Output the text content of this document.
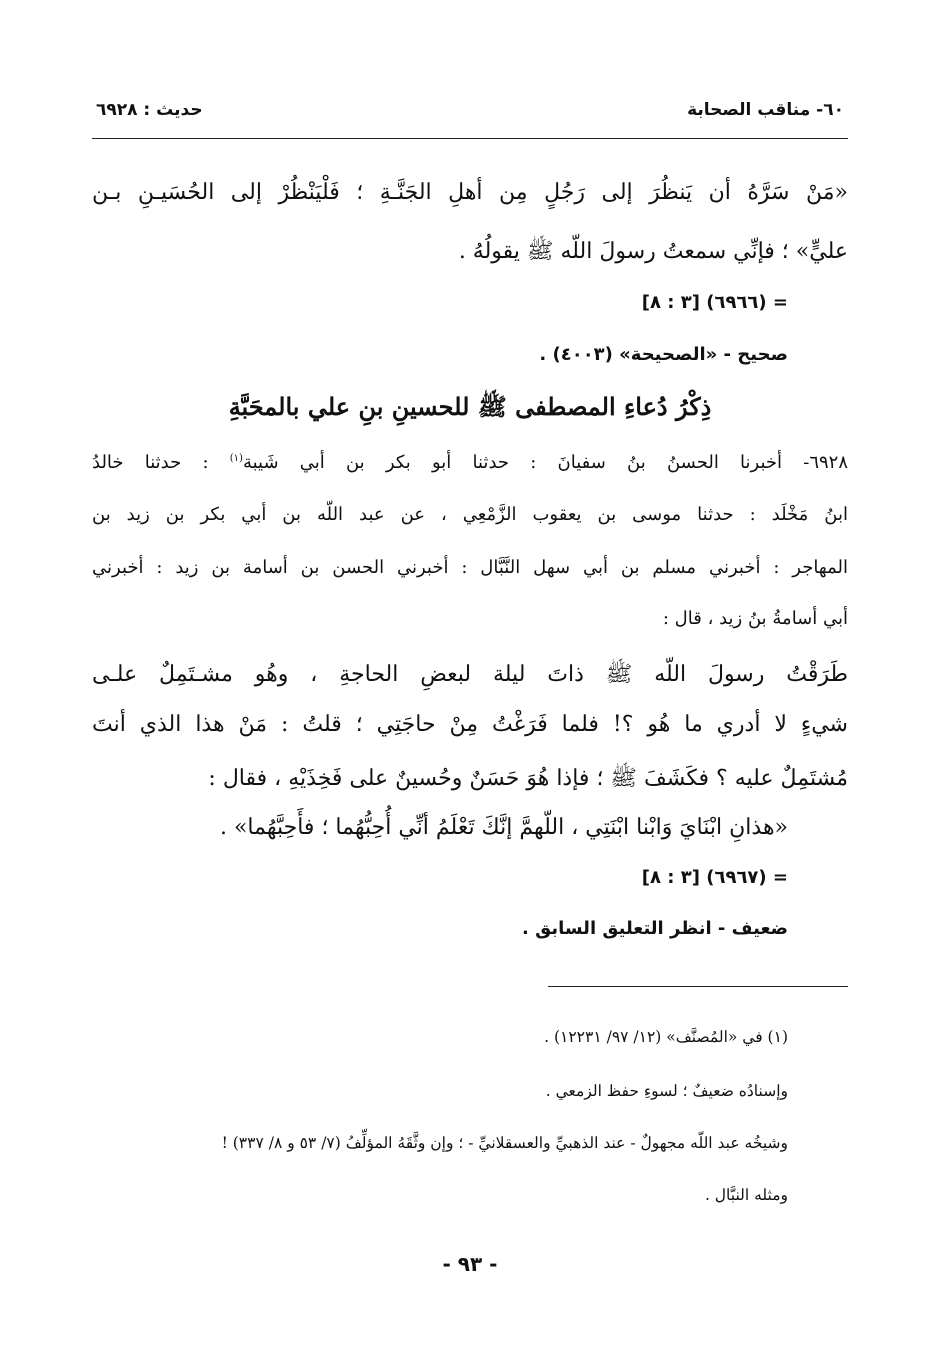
٦٠- مناقب الصحابة
حديث : ٦٩٢٨
«مَنْ سَرَّهُ أن يَنظُرَ إلى رَجُلٍ مِن أهلِ الجَنَّـةِ ؛ فَلْيَنْظُرْ إلى الحُسَيـنِ بـن
عليٍّ» ؛ فإنِّي سمعتُ رسولَ اللّه ﷺ يقولُهُ .
= (٦٩٦٦) [٣ : ٨]
صحيح - «الصحيحة» (٤٠٠٣) .
ذِكْرُ دُعاءِ المصطفى ﷺ للحسينِ بنِ علي بالمحَبَّةِ
٦٩٢٨- أخبرنا الحسنُ بنُ سفيانَ : حدثنا أبو بكر بن أبي شَيبة$^{(١)}$ : حدثنا خالدُ
ابنُ مَخْلَد : حدثنا موسى بن يعقوب الزَّمْعِي ، عن عبد اللّه بن أبي بكر بن زيد بن
المهاجر : أخبرني مسلم بن أبي سهل النَّبَّال : أخبرني الحسن بن أسامة بن زيد : أخبرني
أبي أسامةُ بنُ زيد ، قال :
طَرَقْتُ رسولَ اللّه ﷺ ذاتَ ليلة لبعضِ الحاجةِ ، وهُو مشـتَمِلٌ علـى
شيءٍ لا أدري ما هُو ؟! فلما فَرَغْتُ مِنْ حاجَتِي ؛ قلتُ : مَنْ هذا الذي أنتَ
مُشتَمِلٌ عليه ؟ فكَشَفَ ﷺ ؛ فإذا هُوَ حَسَنٌ وحُسينٌ على فَخِذَيْهِ ، فقال :
«هذانِ ابْنَايَ وَابْنا ابْنَتِي ، اللّهمَّ إنَّكَ تَعْلَمُ أنِّي أُحِبُّهُما ؛ فأَحِبَّهُما» .
= (٦٩٦٧) [٣ : ٨]
ضعيف - انظر التعليق السابق .
(١) في «المُصنَّف» (١٢/ ٩٧/ ١٢٢٣١) .
وإسنادُه ضعيفٌ ؛ لسوءِ حفظ الزمعي .
وشيخُه عبد اللّه مجهولٌ - عند الذهبيِّ والعسقلانيِّ - ؛ وإن وثَّقَهُ المؤلِّفُ (٧/ ٥٣ و ٨/ ٣٣٧) !
ومثله النبَّال .
- ٩٣ -
